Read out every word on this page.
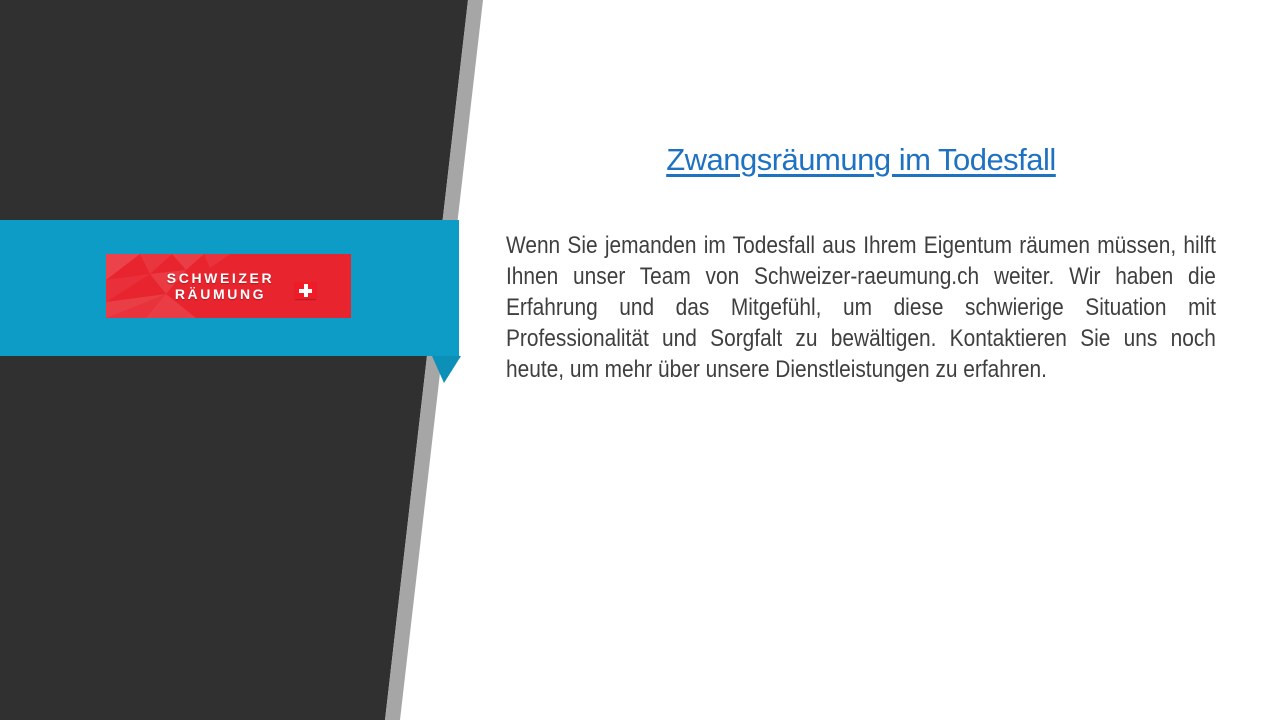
SCHWEIZER
RÄUMUNG
Zwangsräumung im Todesfall

Wenn Sie jemanden im Todesfall aus Ihrem Eigentum räumen müssen, hilft Ihnen unser Team von Schweizer-raeumung.ch weiter. Wir haben die Erfahrung und das Mitgefühl, um diese schwierige Situation mit Professionalität und Sorgfalt zu bewältigen. Kontaktieren Sie uns noch heute, um mehr über unsere Dienstleistungen zu erfahren.
